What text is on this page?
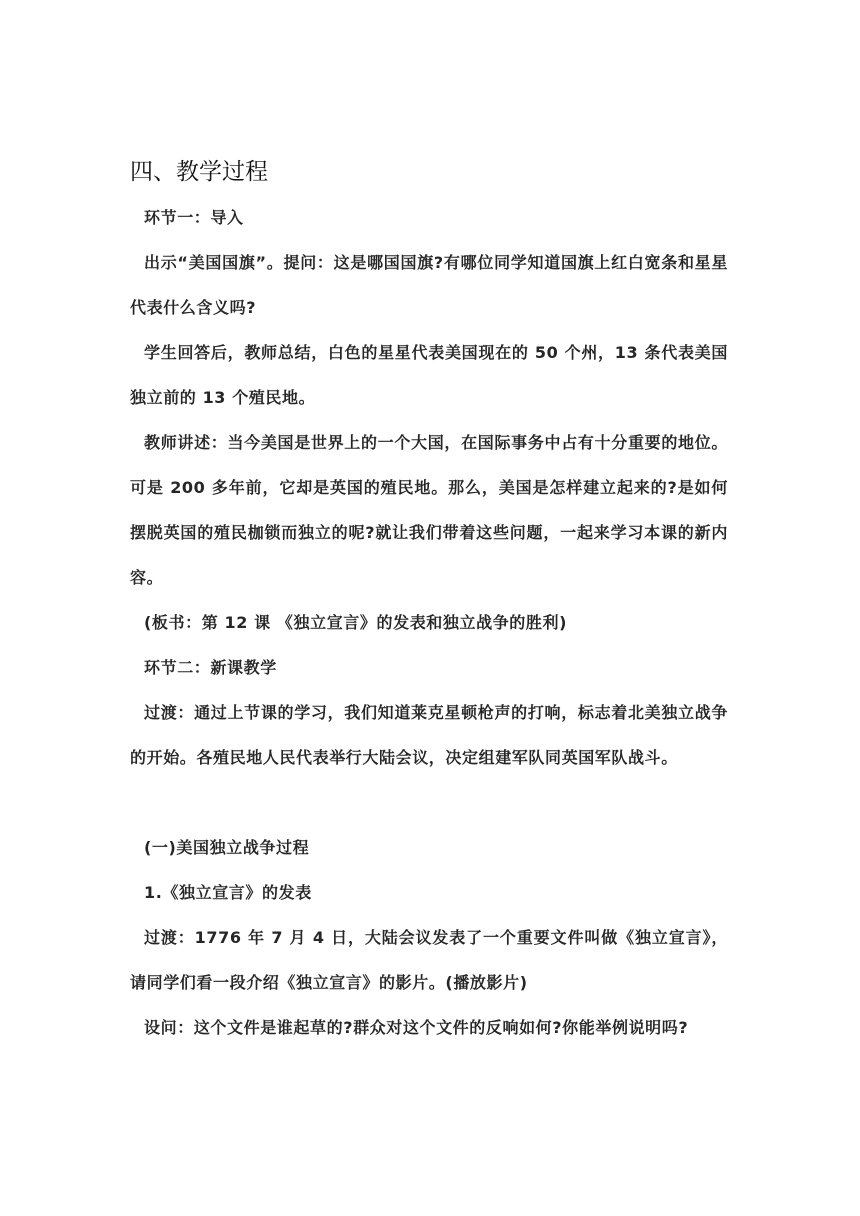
四、教学过程
环节一：导入
出示“美国国旗”。提问：这是哪国国旗?有哪位同学知道国旗上红白宽条和星星代表什么含义吗?
学生回答后，教师总结，白色的星星代表美国现在的 50 个州，13 条代表美国独立前的 13 个殖民地。
教师讲述：当今美国是世界上的一个大国，在国际事务中占有十分重要的地位。可是 200 多年前，它却是英国的殖民地。那么，美国是怎样建立起来的?是如何摆脱英国的殖民枷锁而独立的呢?就让我们带着这些问题，一起来学习本课的新内容。
(板书：第 12 课 《独立宣言》的发表和独立战争的胜利)
环节二：新课教学
过渡：通过上节课的学习，我们知道莱克星顿枪声的打响，标志着北美独立战争的开始。各殖民地人民代表举行大陆会议，决定组建军队同英国军队战斗。
(一)美国独立战争过程
1.《独立宣言》的发表
过渡：1776 年 7 月 4 日，大陆会议发表了一个重要文件叫做《独立宣言》，请同学们看一段介绍《独立宣言》的影片。(播放影片)
设问：这个文件是谁起草的?群众对这个文件的反响如何?你能举例说明吗?
